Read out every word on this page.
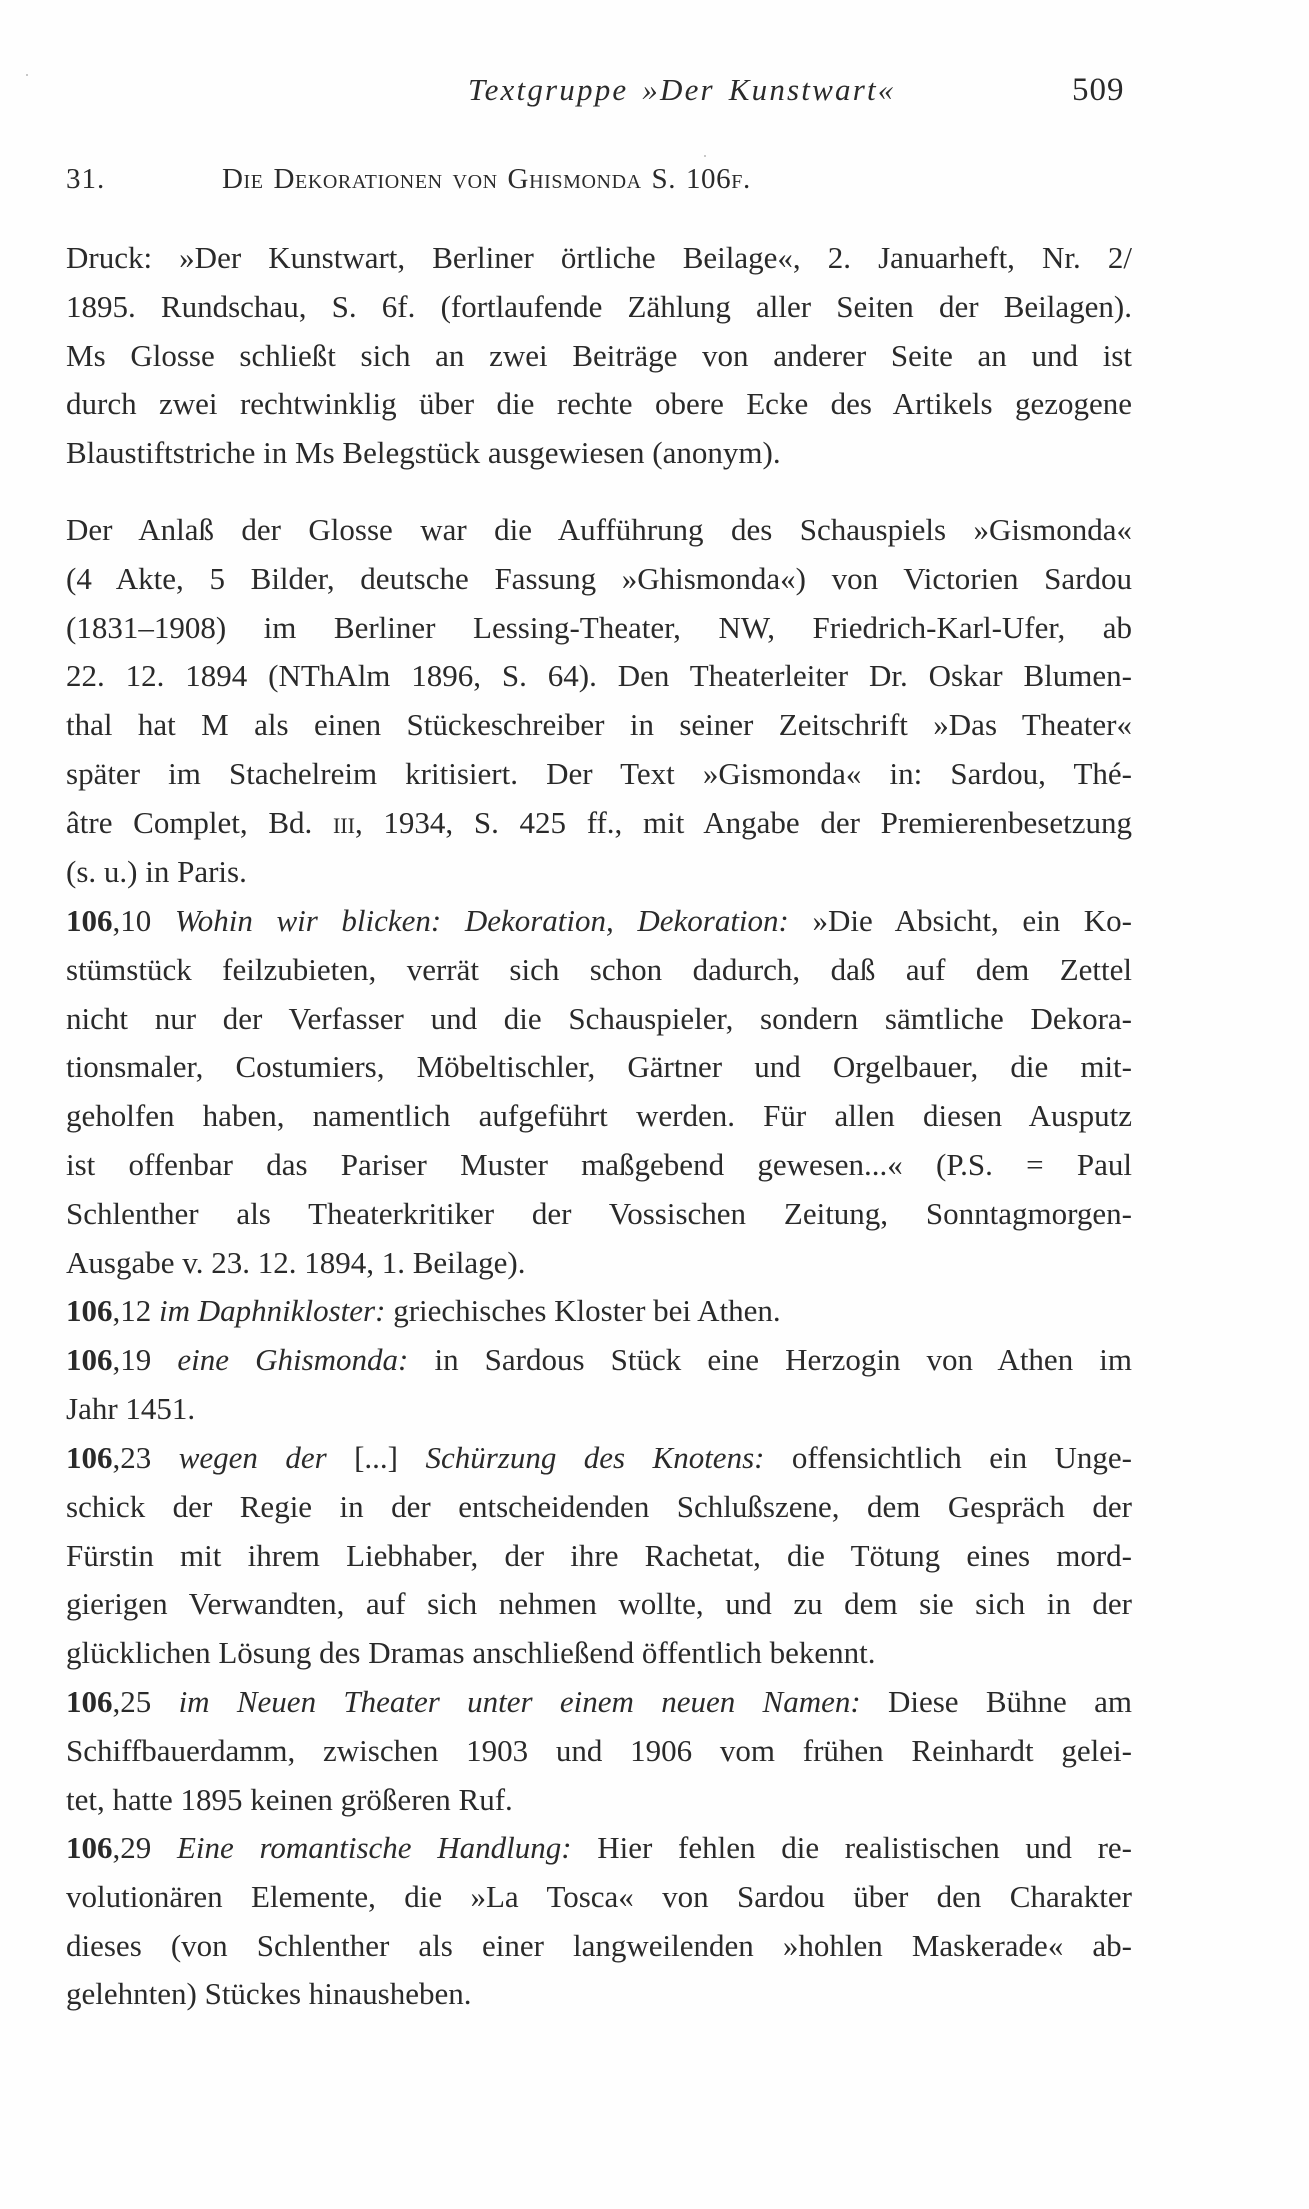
Textgruppe »Der Kunstwart«	509
31.	Die Dekorationen von Ghismonda S. 106f.
Druck: »Der Kunstwart, Berliner örtliche Beilage«, 2. Januarheft, Nr. 2/
1895. Rundschau, S. 6f. (fortlaufende Zählung aller Seiten der Beilagen).
Ms Glosse schließt sich an zwei Beiträge von anderer Seite an und ist
durch zwei rechtwinklig über die rechte obere Ecke des Artikels gezogene
Blaustiftstriche in Ms Belegstück ausgewiesen (anonym).
Der Anlaß der Glosse war die Aufführung des Schauspiels »Gismonda«
(4 Akte, 5 Bilder, deutsche Fassung »Ghismonda«) von Victorien Sardou
(1831–1908) im Berliner Lessing-Theater, NW, Friedrich-Karl-Ufer, ab
22. 12. 1894 (NThAlm 1896, S. 64). Den Theaterleiter Dr. Oskar Blumen-
thal hat M als einen Stückeschreiber in seiner Zeitschrift »Das Theater«
später im Stachelreim kritisiert. Der Text »Gismonda« in: Sardou, Thé-
âtre Complet, Bd. iii, 1934, S. 425 ff., mit Angabe der Premierenbesetzung
(s. u.) in Paris.
106,10 Wohin wir blicken: Dekoration, Dekoration: »Die Absicht, ein Ko-
stümstück feilzubieten, verrät sich schon dadurch, daß auf dem Zettel
nicht nur der Verfasser und die Schauspieler, sondern sämtliche Dekora-
tionsmaler, Costumiers, Möbeltischler, Gärtner und Orgelbauer, die mit-
geholfen haben, namentlich aufgeführt werden. Für allen diesen Ausputz
ist offenbar das Pariser Muster maßgebend gewesen...« (P.S. = Paul
Schlenther als Theaterkritiker der Vossischen Zeitung, Sonntagmorgen-
Ausgabe v. 23. 12. 1894, 1. Beilage).
106,12 im Daphnikloster: griechisches Kloster bei Athen.
106,19 eine Ghismonda: in Sardous Stück eine Herzogin von Athen im
Jahr 1451.
106,23 wegen der [...] Schürzung des Knotens: offensichtlich ein Unge-
schick der Regie in der entscheidenden Schlußszene, dem Gespräch der
Fürstin mit ihrem Liebhaber, der ihre Rachetat, die Tötung eines mord-
gierigen Verwandten, auf sich nehmen wollte, und zu dem sie sich in der
glücklichen Lösung des Dramas anschließend öffentlich bekennt.
106,25 im Neuen Theater unter einem neuen Namen: Diese Bühne am
Schiffbauerdamm, zwischen 1903 und 1906 vom frühen Reinhardt gelei-
tet, hatte 1895 keinen größeren Ruf.
106,29 Eine romantische Handlung: Hier fehlen die realistischen und re-
volutionären Elemente, die »La Tosca« von Sardou über den Charakter
dieses (von Schlenther als einer langweilenden »hohlen Maskerade« ab-
gelehnten) Stückes hinausheben.
